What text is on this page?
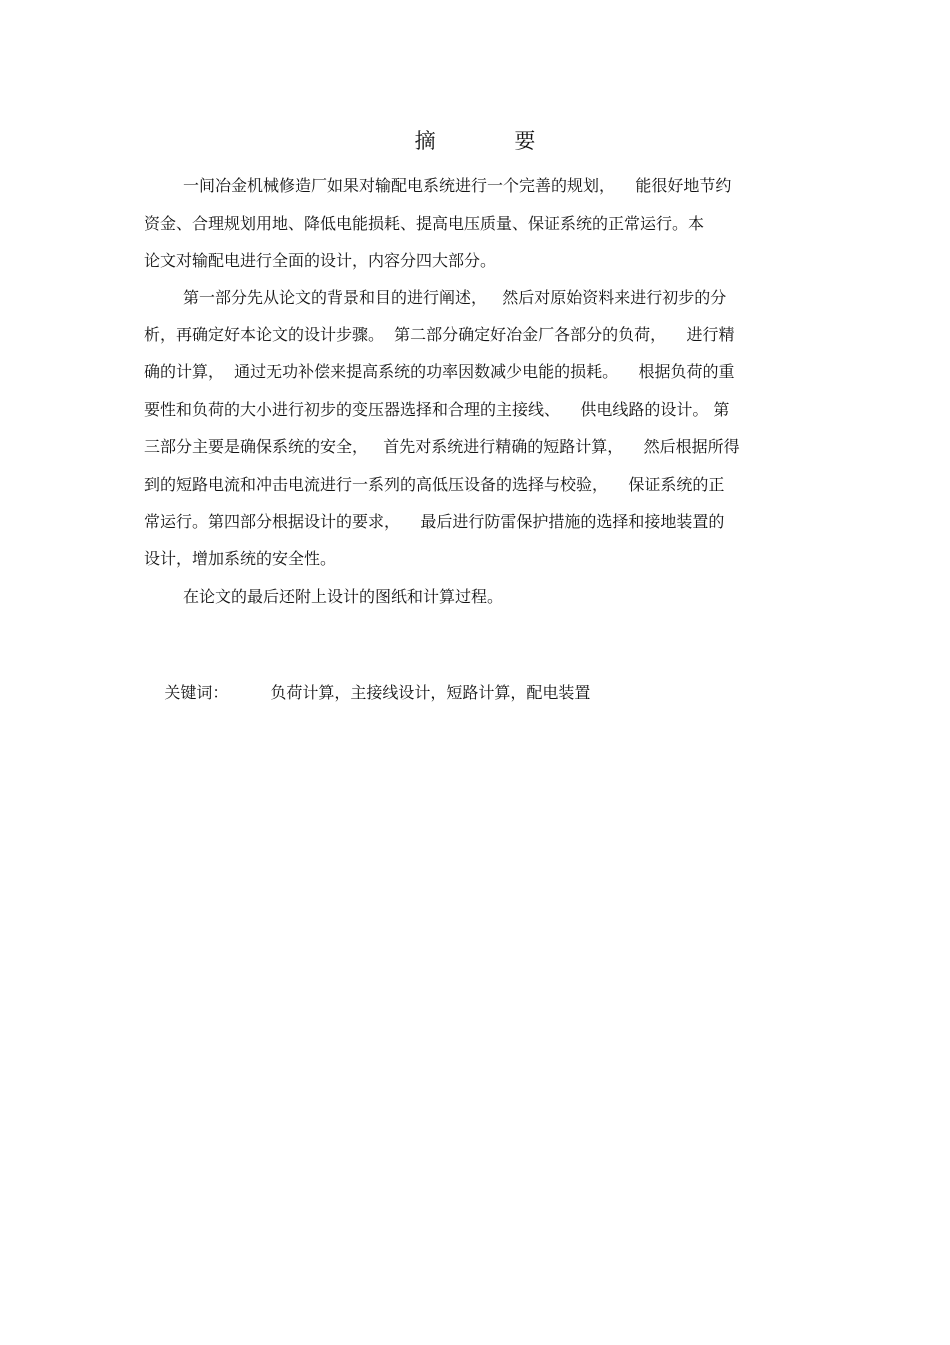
摘 要
一间冶金机械修造厂如果对输配电系统进行一个完善的规划，    能很好地节约
资金、合理规划用地、降低电能损耗、提高电压质量、保证系统的正常运行。本
论文对输配电进行全面的设计，内容分四大部分。
第一部分先从论文的背景和目的进行阐述，   然后对原始资料来进行初步的分
析，再确定好本论文的设计步骤。  第二部分确定好冶金厂各部分的负荷，    进行精
确的计算，  通过无功补偿来提高系统的功率因数减少电能的损耗。    根据负荷的重
要性和负荷的大小进行初步的变压器选择和合理的主接线、    供电线路的设计。 第
三部分主要是确保系统的安全，   首先对系统进行精确的短路计算，    然后根据所得
到的短路电流和冲击电流进行一系列的高低压设备的选择与校验，    保证系统的正
常运行。第四部分根据设计的要求，    最后进行防雷保护措施的选择和接地装置的
设计，增加系统的安全性。
在论文的最后还附上设计的图纸和计算过程。

关键词：	负荷计算，主接线设计，短路计算，配电装置
